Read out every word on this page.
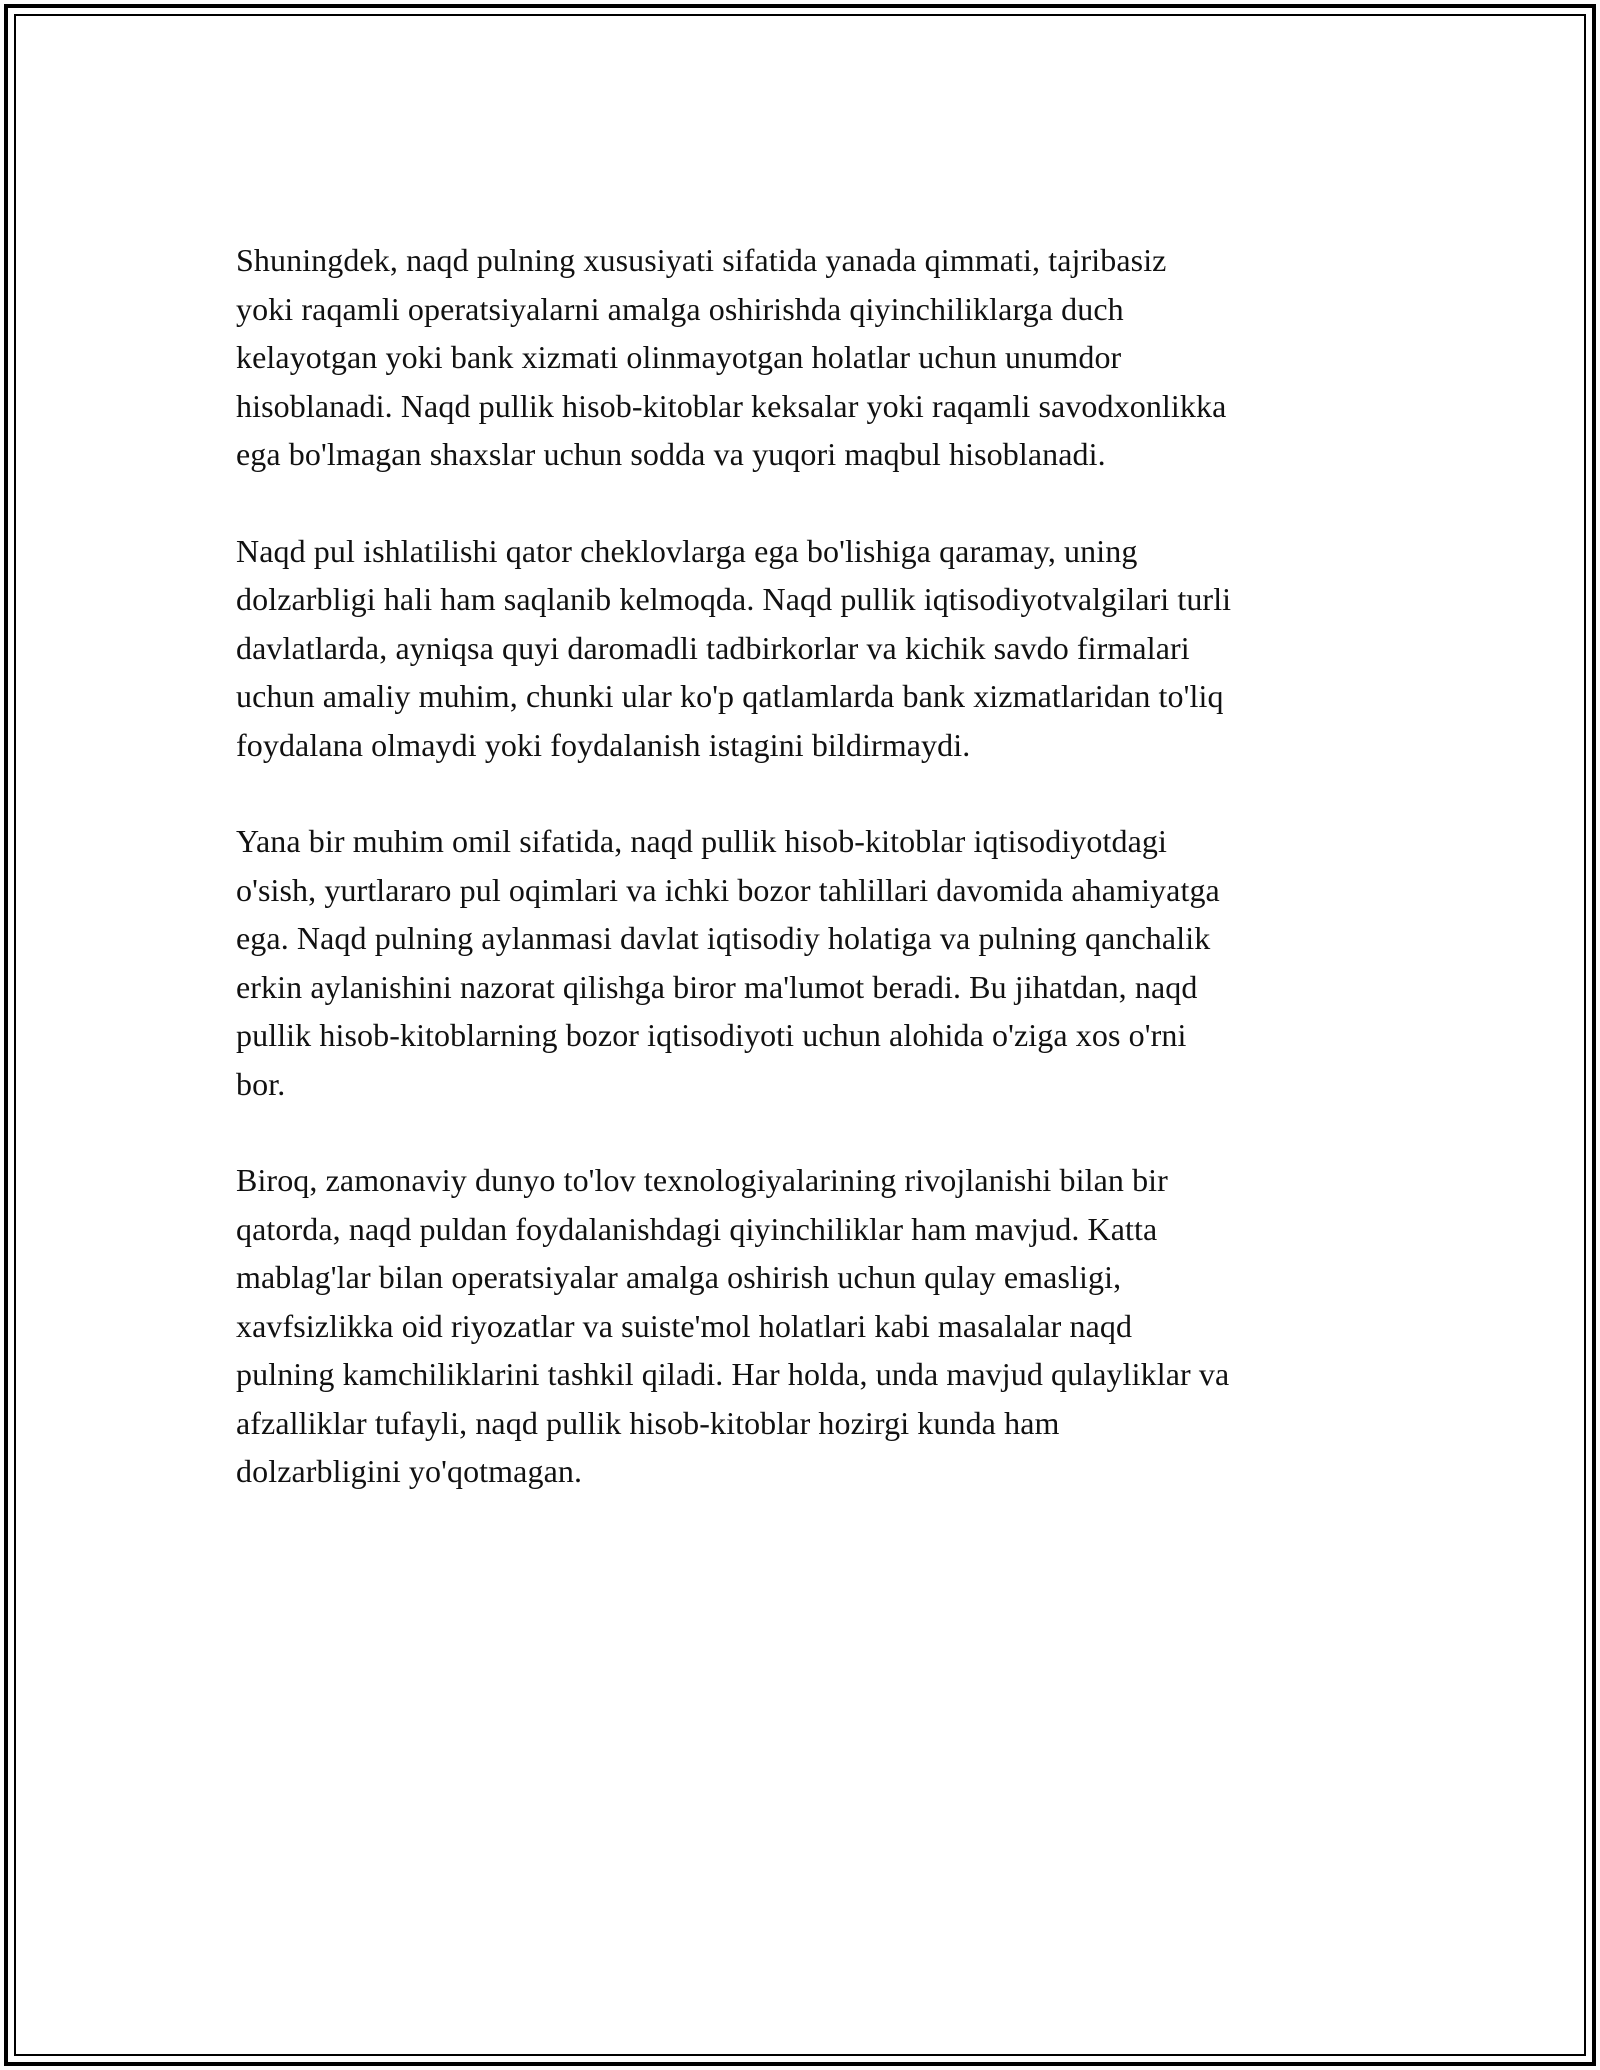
Shuningdek, naqd pulning xususiyati sifatida yanada qimmati, tajribasiz
yoki raqamli operatsiyalarni amalga oshirishda qiyinchiliklarga duch
kelayotgan yoki bank xizmati olinmayotgan holatlar uchun unumdor
hisoblanadi. Naqd pullik hisob-kitoblar keksalar yoki raqamli savodxonlikka
ega bo'lmagan shaxslar uchun sodda va yuqori maqbul hisoblanadi.

Naqd pul ishlatilishi qator cheklovlarga ega bo'lishiga qaramay, uning
dolzarbligi hali ham saqlanib kelmoqda. Naqd pullik iqtisodiyotvalgilari turli
davlatlarda, ayniqsa quyi daromadli tadbirkorlar va kichik savdo firmalari
uchun amaliy muhim, chunki ular ko'p qatlamlarda bank xizmatlaridan to'liq
foydalana olmaydi yoki foydalanish istagini bildirmaydi.

Yana bir muhim omil sifatida, naqd pullik hisob-kitoblar iqtisodiyotdagi
o'sish, yurtlararo pul oqimlari va ichki bozor tahlillari davomida ahamiyatga
ega. Naqd pulning aylanmasi davlat iqtisodiy holatiga va pulning qanchalik
erkin aylanishini nazorat qilishga biror ma'lumot beradi. Bu jihatdan, naqd
pullik hisob-kitoblarning bozor iqtisodiyoti uchun alohida o'ziga xos o'rni
bor.

Biroq, zamonaviy dunyo to'lov texnologiyalarining rivojlanishi bilan bir
qatorda, naqd puldan foydalanishdagi qiyinchiliklar ham mavjud. Katta
mablag'lar bilan operatsiyalar amalga oshirish uchun qulay emasligi,
xavfsizlikka oid riyozatlar va suiste'mol holatlari kabi masalalar naqd
pulning kamchiliklarini tashkil qiladi. Har holda, unda mavjud qulayliklar va
afzalliklar tufayli, naqd pullik hisob-kitoblar hozirgi kunda ham
dolzarbligini yo'qotmagan.
